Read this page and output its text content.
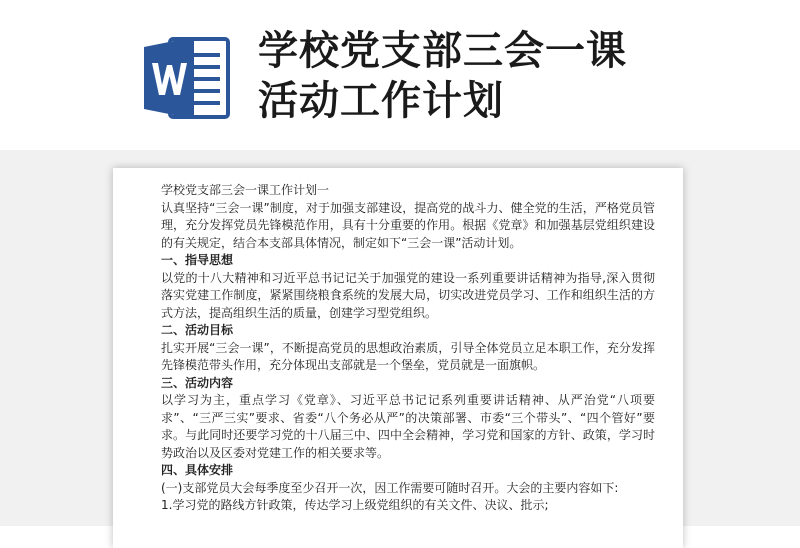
学校党支部三会一课
活动工作计划

学校党支部三会一课工作计划一

认真坚持“三会一课”制度，对于加强支部建设，提高党的战斗力、健全党的生活，严格党员管理，充分发挥党员先锋模范作用，具有十分重要的作用。根据《党章》和加强基层党组织建设的有关规定，结合本支部具体情况，制定如下“三会一课”活动计划。

一、指导思想

以党的十八大精神和习近平总书记记关于加强党的建设一系列重要讲话精神为指导,深入贯彻落实党建工作制度，紧紧围绕粮食系统的发展大局，切实改进党员学习、工作和组织生活的方式方法，提高组织生活的质量，创建学习型党组织。

二、活动目标

扎实开展“三会一课”，不断提高党员的思想政治素质，引导全体党员立足本职工作，充分发挥先锋模范带头作用，充分体现出支部就是一个堡垒，党员就是一面旗帜。

三、活动内容

以学习为主，重点学习《党章》、习近平总书记记系列重要讲话精神、从严治党“八项要求”、“三严三实”要求、省委“八个务必从严”的决策部署、市委“三个带头”、“四个管好”要求。与此同时还要学习党的十八届三中、四中全会精神，学习党和国家的方针、政策，学习时势政治以及区委对党建工作的相关要求等。

四、具体安排

(一)支部党员大会每季度至少召开一次，因工作需要可随时召开。大会的主要内容如下:

1.学习党的路线方针政策，传达学习上级党组织的有关文件、决议、批示;
